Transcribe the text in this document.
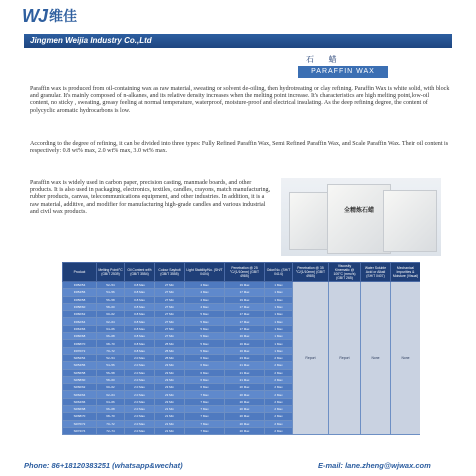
WJ 维佳
Jingmen Weijia Industry Co.,Ltd
石 蜡
PARAFFIN WAX

Paraffin wax is produced from oil-containing wax as raw material, sweating or solvent de-oiling, then hydrotreating or clay refining. Paraffin Wax is white solid, with block and granular. It's mainly composed of n-alkanes, and its relative density increases when the melting point increase. It's characteristics are high melting point,low-oil content, no sticky , sweating, greasy feeling at normal temperature, waterproof, moisture-proof and electrical insulating. As the deep refining degree, the content of polycyclic aromatic hydrocarbons is low.

According to the degree of refining, it can be divided into three types: Fully Refined Paraffin Wax, Semi Refined Paraffin Wax, and Scale Paraffin Wax. Their oil content is respectively: 0.8 wt% max, 2.0 wt% max, 3.0 wt% max.

Paraffin wax is widely used in carbon paper, precision casting, manmade boards, and other products. It is also used in packaging, electronics, textiles, candles, crayons, match manufacturing, rubber products, canvas, telecommunications equipment, and other industries. In addition, it is a raw material, additive, and modifier for manufacturing high-grade candles and various industrial and civil wax products.	全精炼石蜡
Product	Melting Point/°C (GB/T 2539)	Oil Content wt% (GB/T 3554)	Colour Saybolt (GB/T 3555)	Light Stability/No. (SH/T 0404)	Penetration @ 25 °C/(1/10mm) (GB/T 4985)	Odor/No. (SH/T 0414)	Penetration @ 35 °C/(1/10mm) (GB/T 4985)	Viscosity Kinematic @ 100°C (mm²/s) (GB/T 265)	Water Soluble Acid or Alkali (SH/T 0407)	Mechanical Impurities & Moisture (Visual)
FR52/54	52~54	0.8 Max	27 Min	4 Max	19 Max	1 Max	Report	Report	None	None
FR54/56	54~56	0.8 Max	27 Min	4 Max	17 Max	1 Max				
FR56/58	56~58	0.8 Max	27 Min	4 Max	19 Max	1 Max				
FR58/60	58~60	0.8 Max	27 Min	4 Max	17 Max	1 Max				
FR60/62	60~62	0.8 Max	27 Min	5 Max	17 Max	1 Max				
FR62/64	62~64	0.8 Max	27 Min	5 Max	17 Max	1 Max				
FR64/66	64~66	0.8 Max	27 Min	5 Max	17 Max	1 Max				
FR66/68	66~68	0.8 Max	27 Min	5 Max	16 Max	1 Max				
FR68/70	68~70	0.8 Max	25 Min	5 Max	16 Max	1 Max				
FR70/72	70~72	0.8 Max	25 Min	5 Max	16 Max	1 Max				
SR52/54	52~54	2.0 Max	25 Min	6 Max	23 Max	2 Max				
SR54/56	54~56	2.0 Max	23 Min	6 Max	21 Max	2 Max				
SR56/58	56~58	2.0 Max	23 Min	6 Max	21 Max	2 Max				
SR58/60	58~60	2.0 Max	23 Min	6 Max	21 Max	2 Max				
SR60/62	60~62	2.0 Max	23 Min	6 Max	20 Max	2 Max				
SR62/64	62~64	2.0 Max	23 Min	7 Max	20 Max	2 Max				
SR64/66	64~66	2.0 Max	23 Min	7 Max	20 Max	2 Max				
SR66/68	66~68	2.0 Max	21 Min	7 Max	20 Max	2 Max				
SR68/70	68~70	2.0 Max	21 Min	7 Max	20 Max	2 Max				
SR70/72	70~72	2.0 Max	21 Min	7 Max	20 Max	2 Max				
SR72/74	72~74	2.0 Max	21 Min	7 Max	20 Max	2 Max				
Phone: 86+18120383251 (whatsapp&wechat)	E-mail: lane.zheng@wjwax.com
